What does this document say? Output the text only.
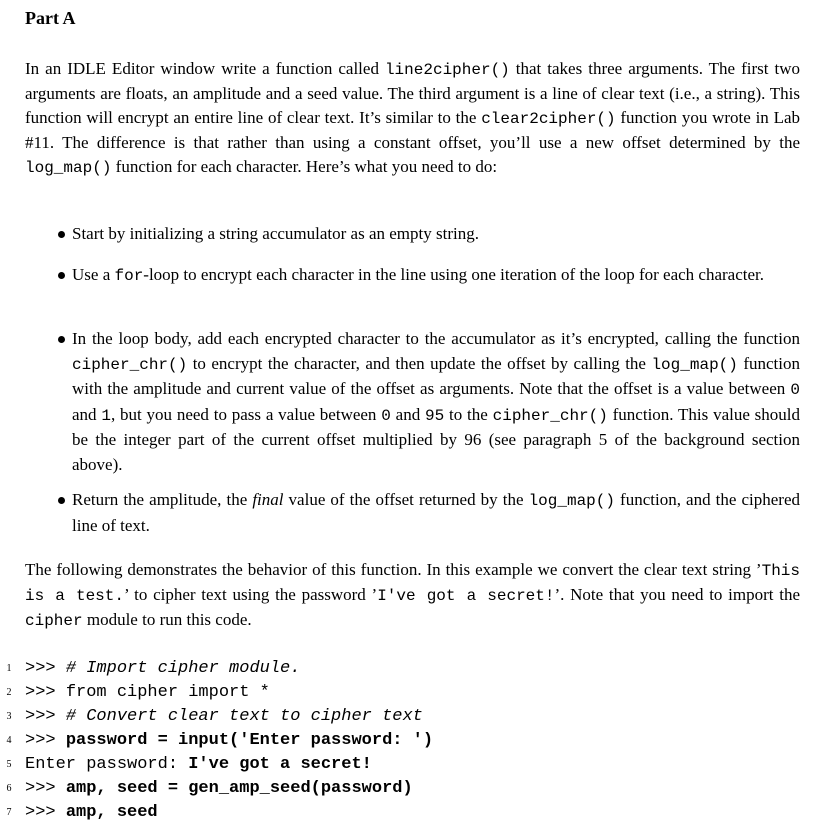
Part A

In an IDLE Editor window write a function called line2cipher() that takes three arguments. The first two arguments are floats, an amplitude and a seed value. The third argument is a line of clear text (i.e., a string). This function will encrypt an entire line of clear text. It’s similar to the clear2cipher() function you wrote in Lab #11. The difference is that rather than using a constant offset, you’ll use a new offset determined by the log_map() function for each character. Here’s what you need to do:

Start by initializing a string accumulator as an empty string.

Use a for-loop to encrypt each character in the line using one iteration of the loop for each character.

In the loop body, add each encrypted character to the accumulator as it’s encrypted, calling the function cipher_chr() to encrypt the character, and then update the offset by calling the log_map() function with the amplitude and current value of the offset as arguments. Note that the offset is a value between 0 and 1, but you need to pass a value between 0 and 95 to the cipher_chr() function. This value should be the integer part of the current offset multiplied by 96 (see paragraph 5 of the background section above).

Return the amplitude, the final value of the offset returned by the log_map() function, and the ciphered line of text.

The following demonstrates the behavior of this function. In this example we convert the clear text string ’This is a test.’ to cipher text using the password ’I've got a secret!’. Note that you need to import the cipher module to run this code.

1 >>> # Import cipher module.
2 >>> from cipher import *
3 >>> # Convert clear text to cipher text
4 >>> password = input('Enter password: ')
5 Enter password: I've got a secret!
6 >>> amp, seed = gen_amp_seed(password)
7 >>> amp, seed
